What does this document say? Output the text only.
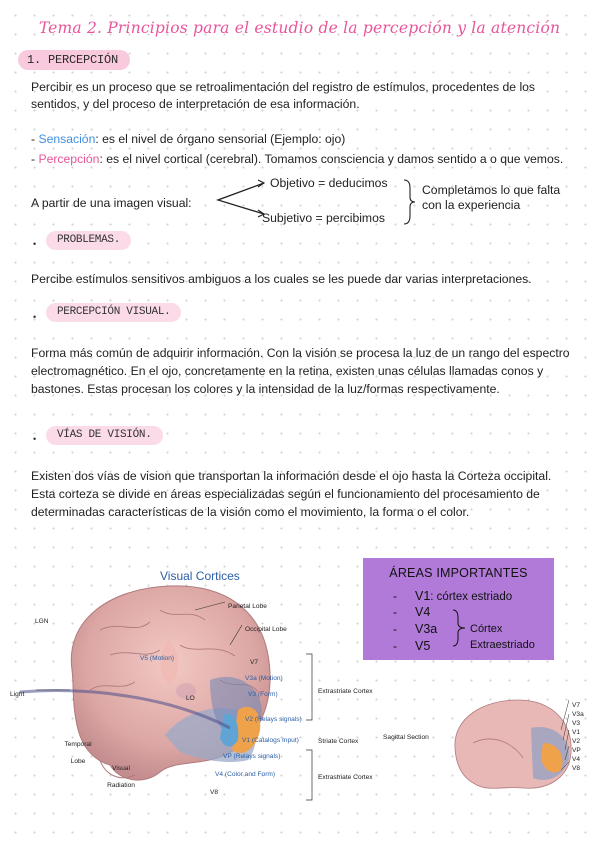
Tema 2. Principios para el estudio de la percepción y la atención
1. PERCEPCIÓN
Percibir es un proceso que se retroalimentación del registro de estímulos, procedentes de los sentidos, y del proceso de interpretación de esa información.
- Sensación: es el nivel de órgano sensorial (Ejemplo: ojo)
- Percepción: es el nivel cortical (cerebral). Tomamos consciencia y damos sentido a o que vemos.
A partir de una imagen visual:
Objetivo = deducimos
Subjetivo = percibimos
Completamos lo que falta con la experiencia
•	PROBLEMAS.
Percibe estímulos sensitivos ambiguos a los cuales se les puede dar varias interpretaciones.
•	PERCEPCIÓN VISUAL.
Forma más común de adquirir información. Con la visión se procesa la luz de un rango del espectro electromagnético. En el ojo, concretamente en la retina, existen unas células llamadas conos y bastones. Estas procesan los colores y la intensidad de la luz/formas respectivamente.
•	VÍAS DE VISIÓN.
Existen dos vías de vision que transportan la información desde el ojo hasta la Corteza occipital. Esta corteza se divide en áreas especializadas según el funcionamiento del procesamiento de determinadas características de la visión como el movimiento, la forma o el color.
Visual Cortices
LGN
Parietal Lobe
Occipital Lobe
V5 (Motion)
V7
V3a (Motion)
V3 (Form)
LO
V2 (Relays signals)
V1 (Catalogs Input)
VP (Relays signals)
V4 (Color and Form)
V8
Light
Temporal Lobe
Visual Radiation
Extrastriate Cortex
Striate Cortex
Extrastriate Cortex
ÁREAS IMPORTANTES
- V1: córtex estriado
- V4
- V3a
- V5
Córtex
Extraestriado
Sagittal Section
V7
V3a
V3
V1
V2
VP
V4
V8
